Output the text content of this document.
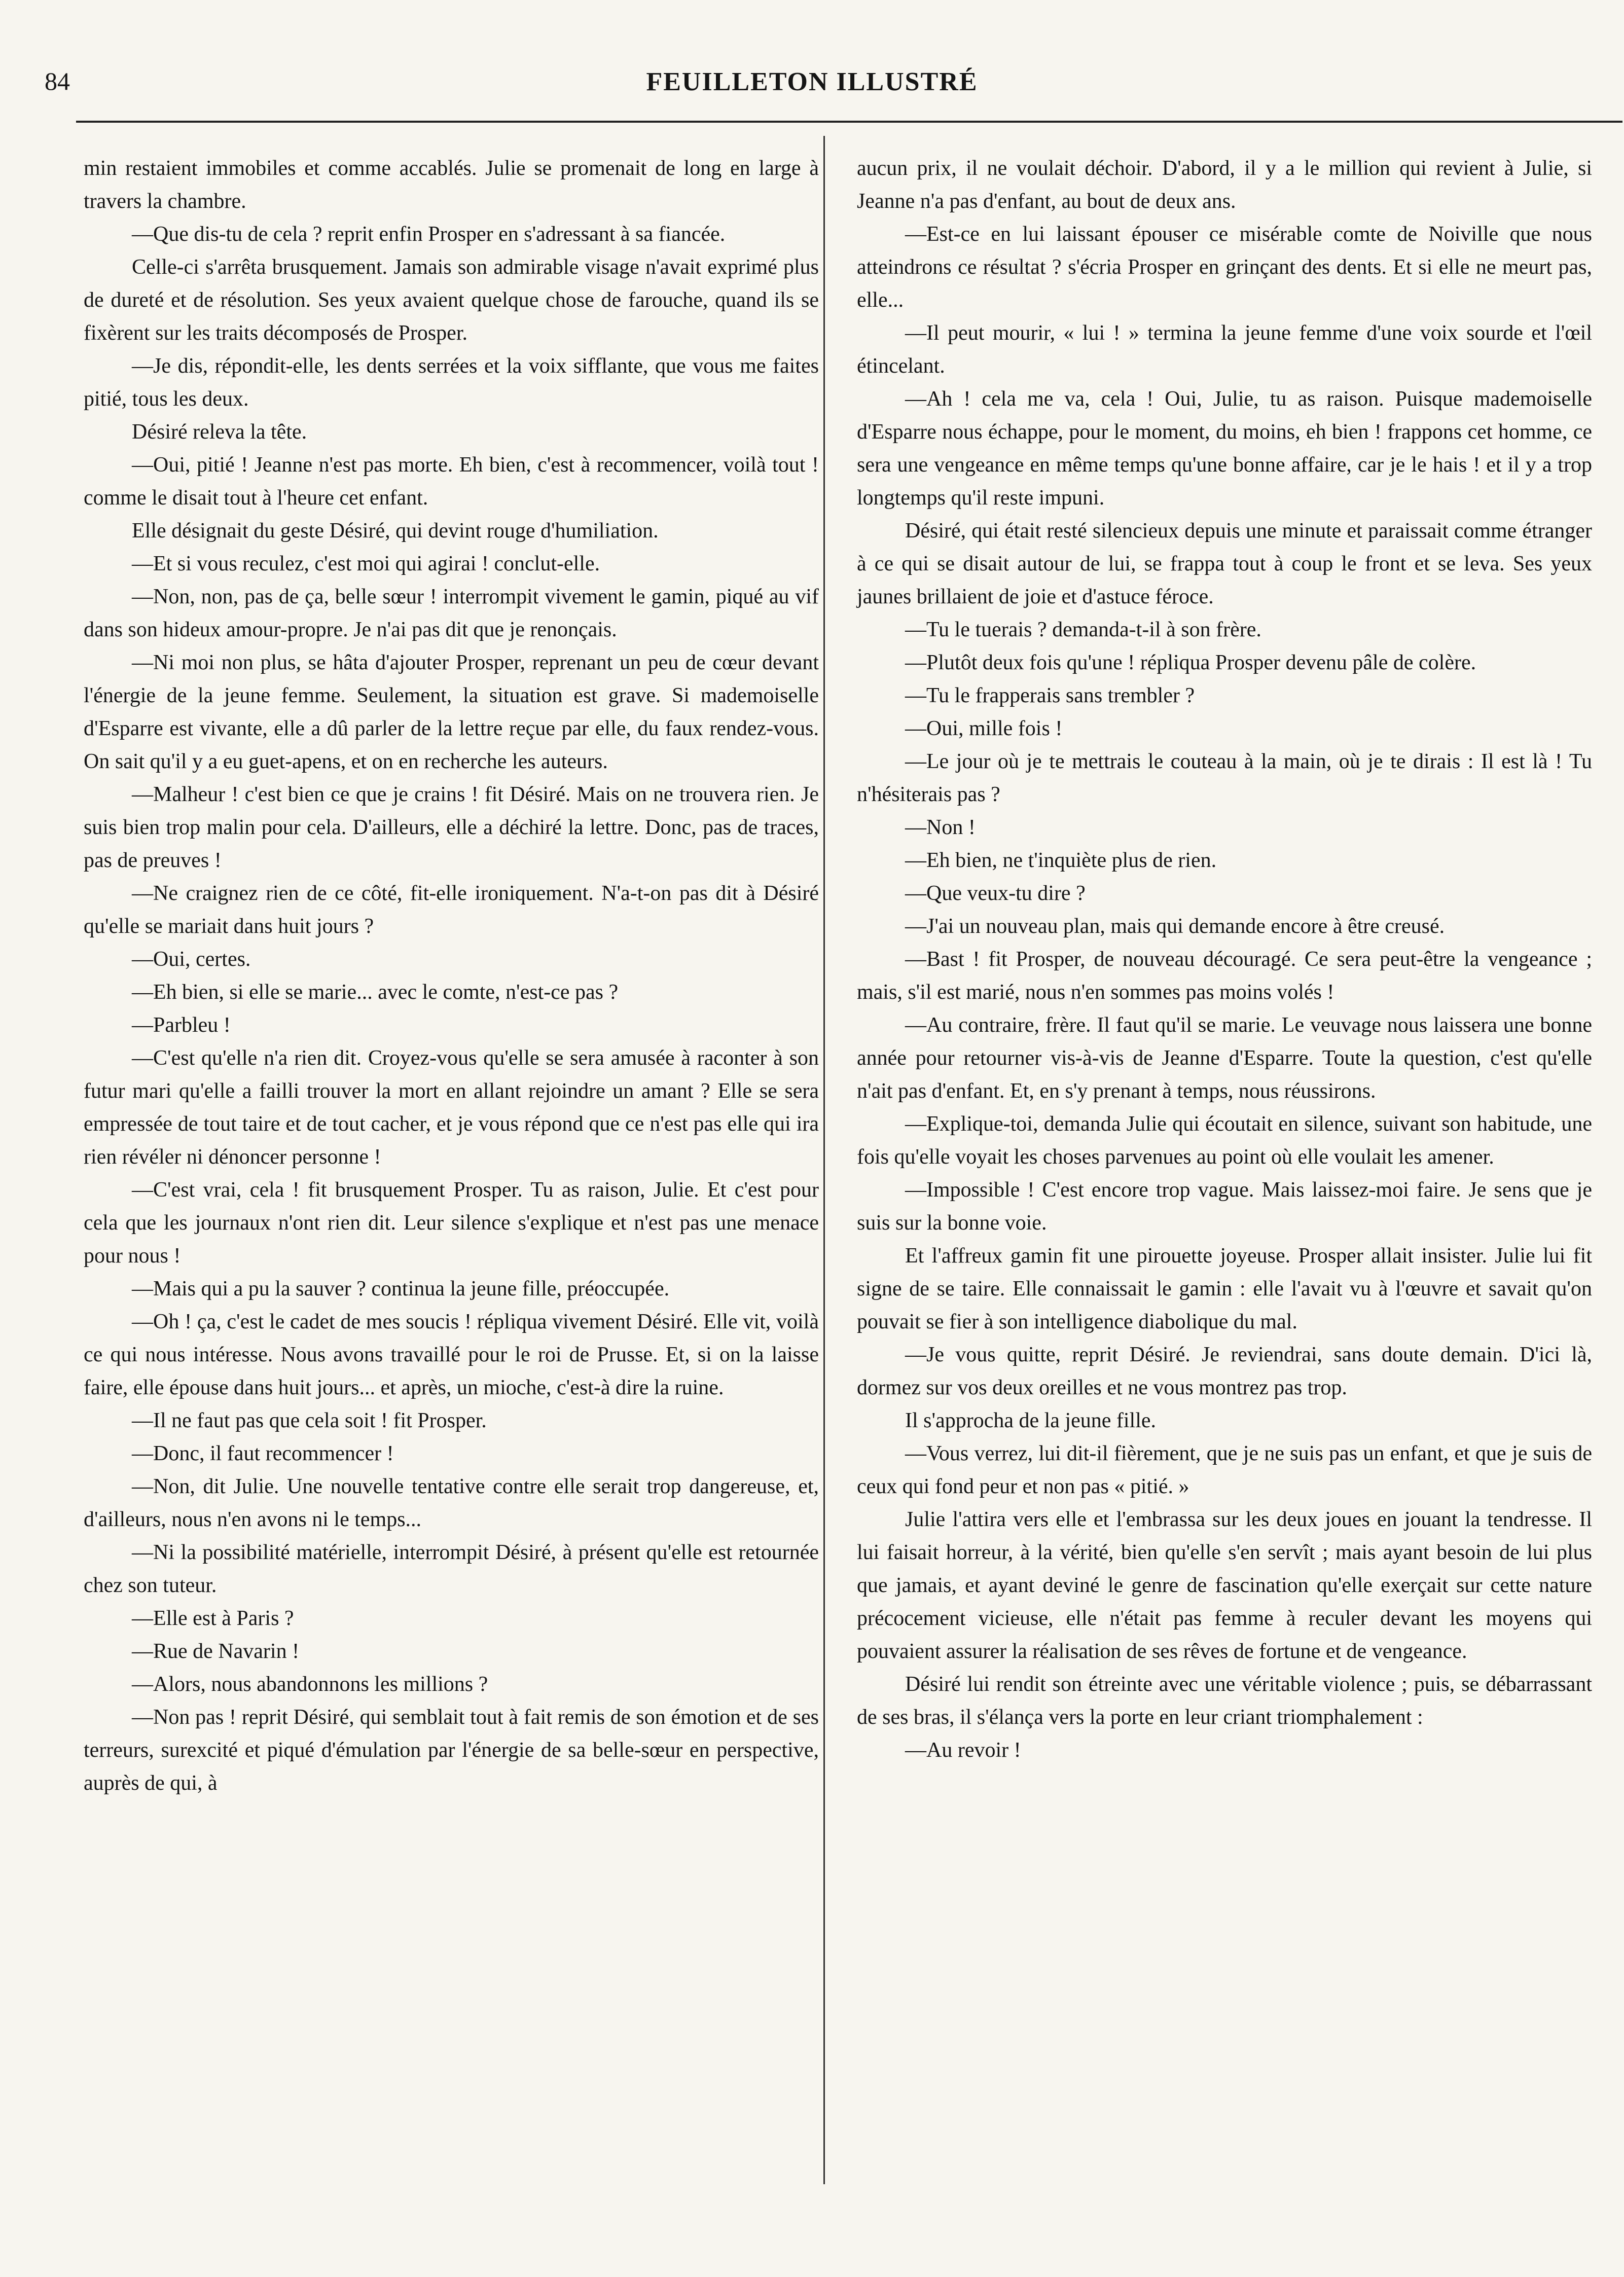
84	FEUILLETON ILLUSTRÉ

min restaient immobiles et comme accablés. Julie se promenait de long en large à travers la chambre.

—Que dis-tu de cela ? reprit enfin Prosper en s'adressant à sa fiancée.

Celle-ci s'arrêta brusquement. Jamais son admirable visage n'avait exprimé plus de dureté et de résolution. Ses yeux avaient quelque chose de farouche, quand ils se fixèrent sur les traits décomposés de Prosper.

—Je dis, répondit-elle, les dents serrées et la voix sifflante, que vous me faites pitié, tous les deux.

Désiré releva la tête.

—Oui, pitié ! Jeanne n'est pas morte. Eh bien, c'est à recommencer, voilà tout ! comme le disait tout à l'heure cet enfant.

Elle désignait du geste Désiré, qui devint rouge d'humiliation.

—Et si vous reculez, c'est moi qui agirai ! conclut-elle.

—Non, non, pas de ça, belle sœur ! interrompit vivement le gamin, piqué au vif dans son hideux amour-propre. Je n'ai pas dit que je renonçais.

—Ni moi non plus, se hâta d'ajouter Prosper, reprenant un peu de cœur devant l'énergie de la jeune femme. Seulement, la situation est grave. Si mademoiselle d'Esparre est vivante, elle a dû parler de la lettre reçue par elle, du faux rendez-vous. On sait qu'il y a eu guet-apens, et on en recherche les auteurs.

—Malheur ! c'est bien ce que je crains ! fit Désiré. Mais on ne trouvera rien. Je suis bien trop malin pour cela. D'ailleurs, elle a déchiré la lettre. Donc, pas de traces, pas de preuves !

—Ne craignez rien de ce côté, fit-elle ironiquement. N'a-t-on pas dit à Désiré qu'elle se mariait dans huit jours ?

—Oui, certes.

—Eh bien, si elle se marie... avec le comte, n'est-ce pas ?

—Parbleu !

—C'est qu'elle n'a rien dit. Croyez-vous qu'elle se sera amusée à raconter à son futur mari qu'elle a failli trouver la mort en allant rejoindre un amant ? Elle se sera empressée de tout taire et de tout cacher, et je vous répond que ce n'est pas elle qui ira rien révéler ni dénoncer personne !

—C'est vrai, cela ! fit brusquement Prosper. Tu as raison, Julie. Et c'est pour cela que les journaux n'ont rien dit. Leur silence s'explique et n'est pas une menace pour nous !

—Mais qui a pu la sauver ? continua la jeune fille, préoccupée.

—Oh ! ça, c'est le cadet de mes soucis ! répliqua vivement Désiré. Elle vit, voilà ce qui nous intéresse. Nous avons travaillé pour le roi de Prusse. Et, si on la laisse faire, elle épouse dans huit jours... et après, un mioche, c'est-à dire la ruine.

—Il ne faut pas que cela soit ! fit Prosper.

—Donc, il faut recommencer !

—Non, dit Julie. Une nouvelle tentative contre elle serait trop dangereuse, et, d'ailleurs, nous n'en avons ni le temps...

—Ni la possibilité matérielle, interrompit Désiré, à présent qu'elle est retournée chez son tuteur.

—Elle est à Paris ?

—Rue de Navarin !

—Alors, nous abandonnons les millions ?

—Non pas ! reprit Désiré, qui semblait tout à fait remis de son émotion et de ses terreurs, surexcité et piqué d'émulation par l'énergie de sa belle-sœur en perspective, auprès de qui, à

aucun prix, il ne voulait déchoir. D'abord, il y a le million qui revient à Julie, si Jeanne n'a pas d'enfant, au bout de deux ans.

—Est-ce en lui laissant épouser ce misérable comte de Noiville que nous atteindrons ce résultat ? s'écria Prosper en grinçant des dents. Et si elle ne meurt pas, elle...

—Il peut mourir, « lui ! » termina la jeune femme d'une voix sourde et l'œil étincelant.

—Ah ! cela me va, cela ! Oui, Julie, tu as raison. Puisque mademoiselle d'Esparre nous échappe, pour le moment, du moins, eh bien ! frappons cet homme, ce sera une vengeance en même temps qu'une bonne affaire, car je le hais ! et il y a trop longtemps qu'il reste impuni.

Désiré, qui était resté silencieux depuis une minute et paraissait comme étranger à ce qui se disait autour de lui, se frappa tout à coup le front et se leva. Ses yeux jaunes brillaient de joie et d'astuce féroce.

—Tu le tuerais ? demanda-t-il à son frère.

—Plutôt deux fois qu'une ! répliqua Prosper devenu pâle de colère.

—Tu le frapperais sans trembler ?

—Oui, mille fois !

—Le jour où je te mettrais le couteau à la main, où je te dirais : Il est là ! Tu n'hésiterais pas ?

—Non !

—Eh bien, ne t'inquiète plus de rien.

—Que veux-tu dire ?

—J'ai un nouveau plan, mais qui demande encore à être creusé.

—Bast ! fit Prosper, de nouveau découragé. Ce sera peut-être la vengeance ; mais, s'il est marié, nous n'en sommes pas moins volés !

—Au contraire, frère. Il faut qu'il se marie. Le veuvage nous laissera une bonne année pour retourner vis-à-vis de Jeanne d'Esparre. Toute la question, c'est qu'elle n'ait pas d'enfant. Et, en s'y prenant à temps, nous réussirons.

—Explique-toi, demanda Julie qui écoutait en silence, suivant son habitude, une fois qu'elle voyait les choses parvenues au point où elle voulait les amener.

—Impossible ! C'est encore trop vague. Mais laissez-moi faire. Je sens que je suis sur la bonne voie.

Et l'affreux gamin fit une pirouette joyeuse. Prosper allait insister. Julie lui fit signe de se taire. Elle connaissait le gamin : elle l'avait vu à l'œuvre et savait qu'on pouvait se fier à son intelligence diabolique du mal.

—Je vous quitte, reprit Désiré. Je reviendrai, sans doute demain. D'ici là, dormez sur vos deux oreilles et ne vous montrez pas trop.

Il s'approcha de la jeune fille.

—Vous verrez, lui dit-il fièrement, que je ne suis pas un enfant, et que je suis de ceux qui fond peur et non pas « pitié. »

Julie l'attira vers elle et l'embrassa sur les deux joues en jouant la tendresse. Il lui faisait horreur, à la vérité, bien qu'elle s'en servît ; mais ayant besoin de lui plus que jamais, et ayant deviné le genre de fascination qu'elle exerçait sur cette nature précocement vicieuse, elle n'était pas femme à reculer devant les moyens qui pouvaient assurer la réalisation de ses rêves de fortune et de vengeance.

Désiré lui rendit son étreinte avec une véritable violence ; puis, se débarrassant de ses bras, il s'élança vers la porte en leur criant triomphalement :

—Au revoir !
